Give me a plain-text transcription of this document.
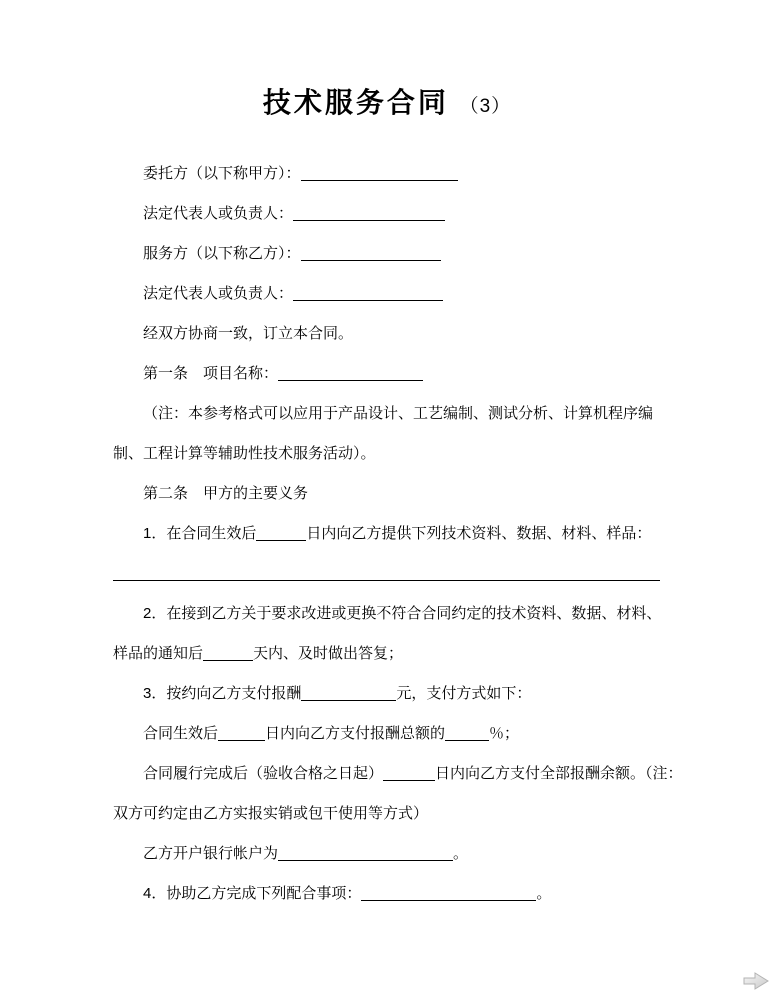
技术服务合同 （3）
委托方（以下称甲方）：
法定代表人或负责人：
服务方（以下称乙方）：
法定代表人或负责人：
经双方协商一致，订立本合同。
第一条　项目名称：
（注：本参考格式可以应用于产品设计、工艺编制、测试分析、计算机程序编
制、工程计算等辅助性技术服务活动）。
第二条　甲方的主要义务
1．在合同生效后	日内向乙方提供下列技术资料、数据、材料、样品：
2．在接到乙方关于要求改进或更换不符合合同约定的技术资料、数据、材料、
样品的通知后	天内、及时做出答复；
3．按约向乙方支付报酬	元，支付方式如下：
合同生效后	日内向乙方支付报酬总额的	％；
合同履行完成后（验收合格之日起）	日内向乙方支付全部报酬余额。（注：
双方可约定由乙方实报实销或包干使用等方式）
乙方开户银行帐户为	。
4．协助乙方完成下列配合事项：	。
